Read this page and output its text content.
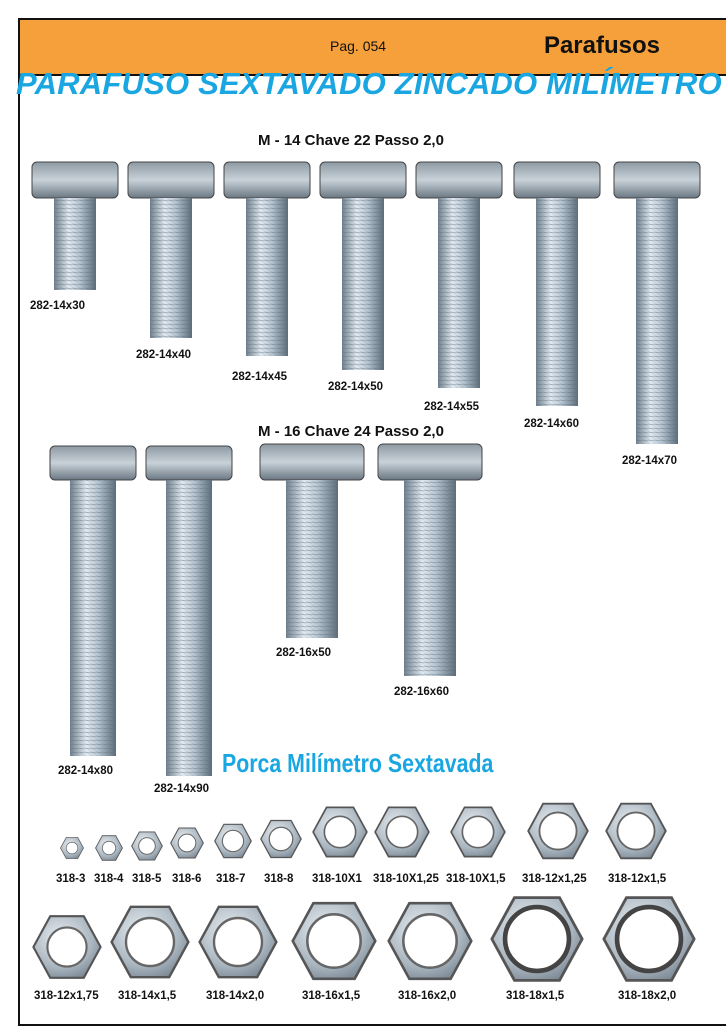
Pag. 054	Parafusos
PARAFUSO SEXTAVADO ZINCADO MILÍMETRO
M - 14 Chave 22 Passo 2,0
M - 16 Chave 24 Passo 2,0
Porca Milímetro Sextavada
282-14x30
282-14x40
282-14x45
282-14x50
282-14x55
282-14x60
282-14x70
282-14x80
282-14x90
282-16x50
282-16x60
318-3 318-4 318-5 318-6 318-7 318-8 318-10X1 318-10X1,25 318-10X1,5 318-12x1,25 318-12x1,5
318-12x1,75 318-14x1,5	318-14x2,0	318-16x1,5	318-16x2,0	318-18x1,5	318-18x2,0
